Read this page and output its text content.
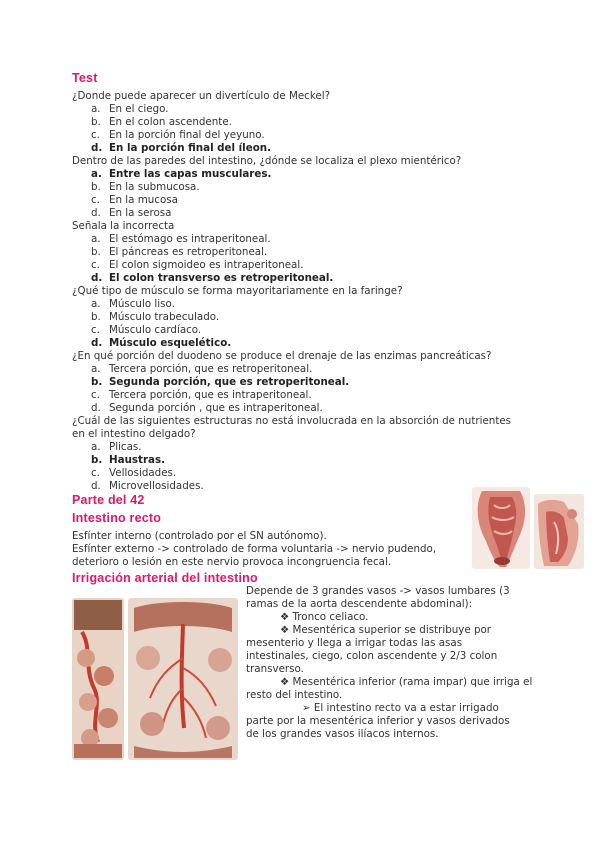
Test
¿Donde puede aparecer un divertículo de Meckel?
a. En el ciego.
b. En el colon ascendente.
c. En la porción final del yeyuno.
d. En la porción final del íleon.
Dentro de las paredes del intestino, ¿dónde se localiza el plexo mientérico?
a. Entre las capas musculares.
b. En la submucosa.
c. En la mucosa
d. En la serosa
Señala la incorrecta
a. El estómago es intraperitoneal.
b. El páncreas es retroperitoneal.
c. El colon sigmoideo es intraperitoneal.
d. El colon transverso es retroperitoneal.
¿Qué tipo de músculo se forma mayoritariamente en la faringe?
a. Músculo liso.
b. Músculo trabeculado.
c. Músculo cardíaco.
d. Músculo esquelético.
¿En qué porción del duodeno se produce el drenaje de las enzimas pancreáticas?
a. Tercera porción, que es retroperitoneal.
b. Segunda porción, que es retroperitoneal.
c. Tercera porción, que es intraperitoneal.
d. Segunda porción , que es intraperitoneal.
¿Cuál de las siguientes estructuras no está involucrada en la absorción de nutrientes
en el intestino delgado?
a. Plicas.
b. Haustras.
c. Vellosidades.
d. Microvellosidades.
Parte del 42
Intestino recto
Esfínter interno (controlado por el SN autónomo).
Esfínter externo -> controlado de forma voluntaria -> nervio pudendo,
deterioro o lesión en este nervio provoca incongruencia fecal.
Irrigación arterial del intestino
Depende de 3 grandes vasos -> vasos lumbares (3
ramas de la aorta descendente abdominal):
❖ Tronco celiaco.
❖ Mesentérica superior se distribuye por
mesenterio y llega a irrigar todas las asas
intestinales, ciego, colon ascendente y 2/3 colon
transverso.
❖ Mesentérica inferior (rama impar) que irriga el
resto del intestino.
➢ El intestino recto va a estar irrigado
parte por la mesentérica inferior y vasos derivados
de los grandes vasos ilíacos internos.
